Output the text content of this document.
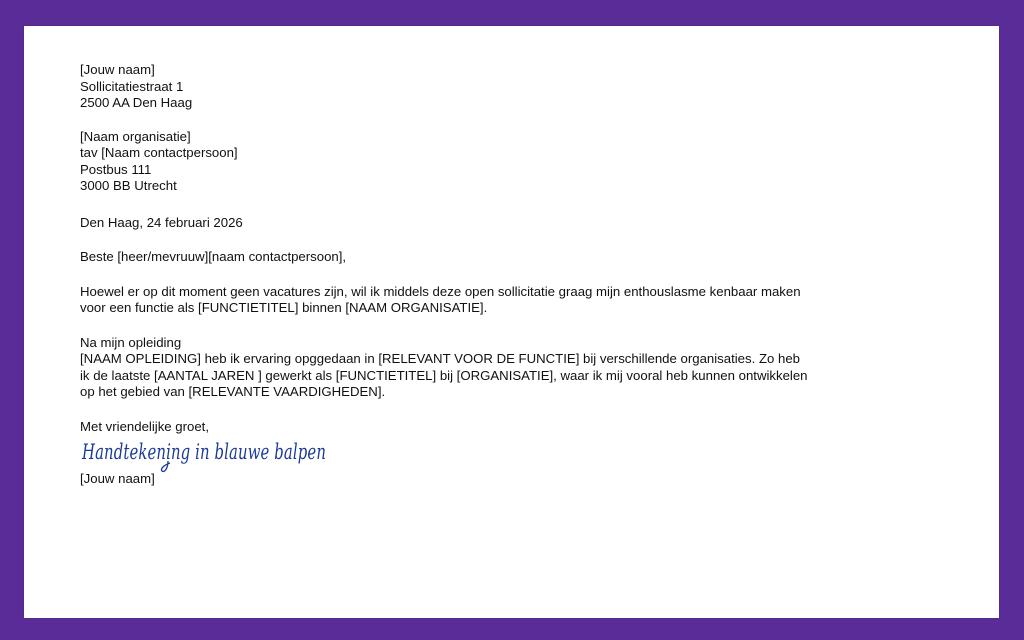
[Jouw naam]
Sollicitatiestraat 1
2500 AA Den Haag
[Naam organisatie]
tav [Naam contactpersoon]
Postbus 111
3000 BB Utrecht
Den Haag, 24 februari 2026
Beste [heer/mevruuw][naam contactpersoon],
Hoewel er op dit moment geen vacatures zijn, wil ik middels deze open sollicitatie graag mijn enthouslasme kenbaar maken
voor een functie als [FUNCTIETITEL] binnen [NAAM ORGANISATIE].
Na mijn opleiding
[NAAM OPLEIDING] heb ik ervaring opggedaan in [RELEVANT VOOR DE FUNCTIE] bij verschillende organisaties. Zo heb
ik de laatste [AANTAL JAREN ] gewerkt als [FUNCTIETITEL] bij [ORGANISATIE], waar ik mij vooral heb kunnen ontwikkelen
op het gebied van [RELEVANTE VAARDIGHEDEN].
Met vriendelijke groet,
Handtekening in blauwe balpen
[Jouw naam]
